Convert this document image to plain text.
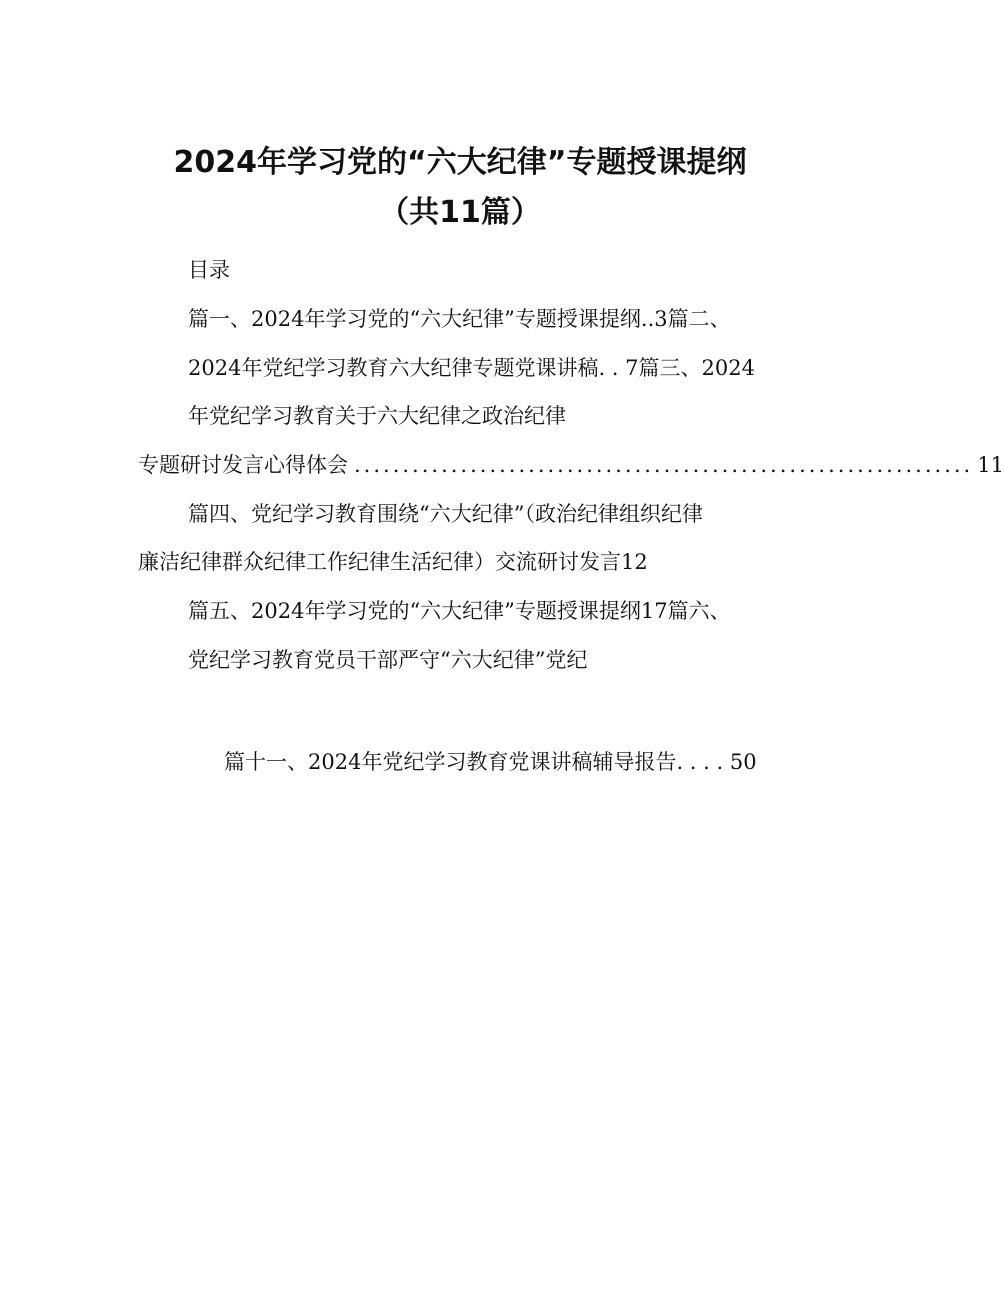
2024年学习党的“六大纪律”专题授课提纲
（共11篇）
目录
篇一、2024年学习党的“六大纪律”专题授课提纲..3篇二、
2024年党纪学习教育六大纪律专题党课讲稿. . 7篇三、2024
年党纪学习教育关于六大纪律之政治纪律
专题研讨发言心得体会 ................................................................ 11
篇四、党纪学习教育围绕“六大纪律”（政治纪律组织纪律
廉洁纪律群众纪律工作纪律生活纪律）交流研讨发言12
篇五、2024年学习党的“六大纪律”专题授课提纲17篇六、
党纪学习教育党员干部严守“六大纪律”党纪
篇十一、2024年党纪学习教育党课讲稿辅导报告. . . . 50
